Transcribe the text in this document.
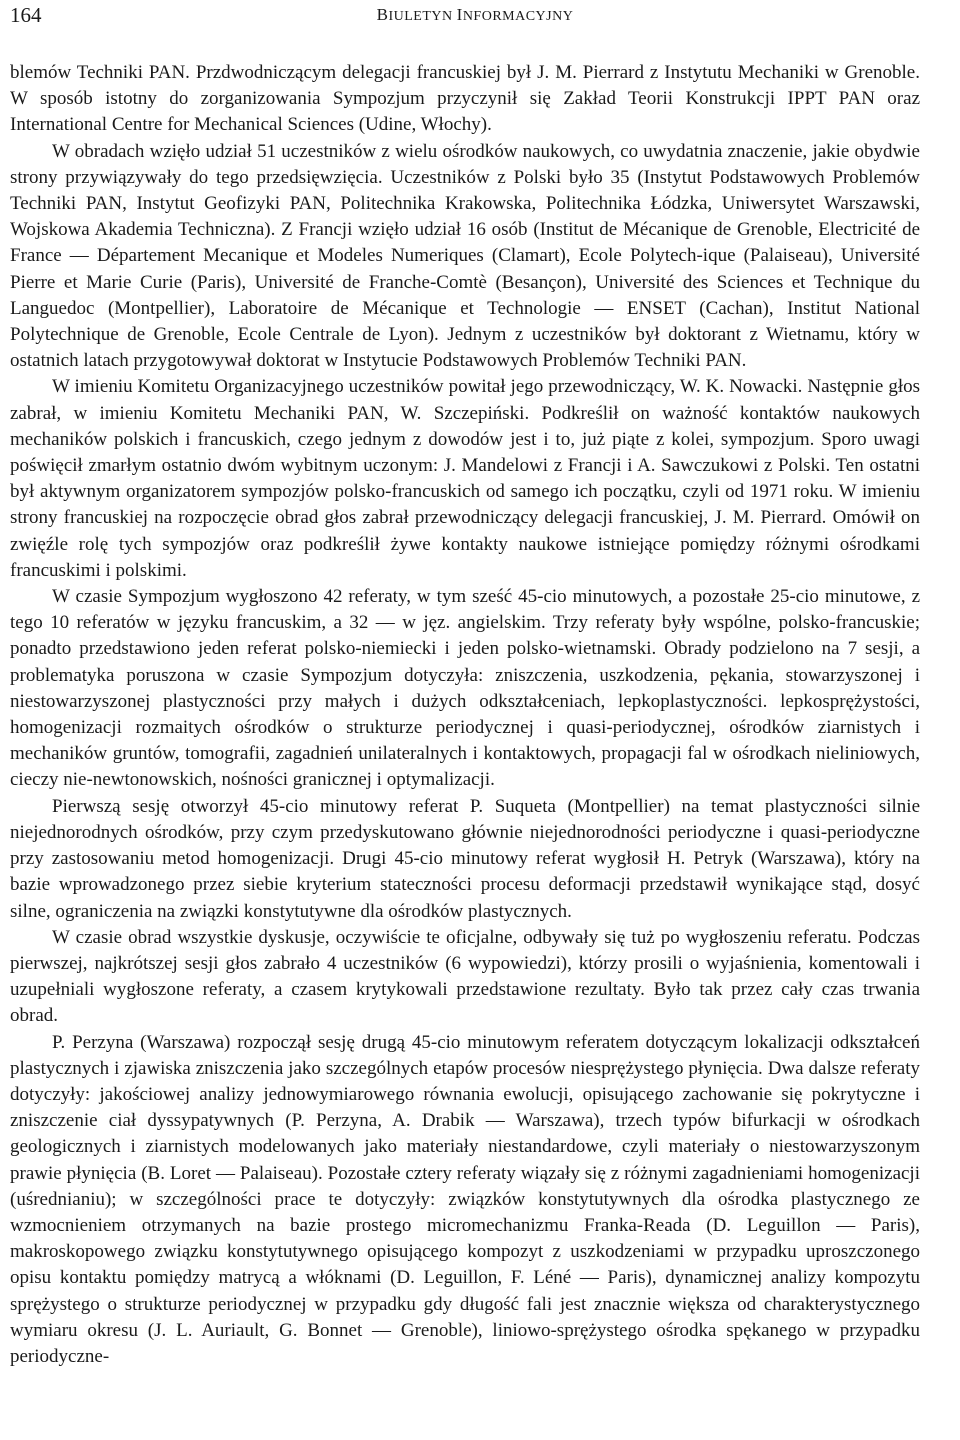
164	BIULETYN INFORMACYJNY

blemów Techniki PAN. Przdwodniczącym delegacji francuskiej był J. M. Pierrard z Instytutu Mechaniki w Grenoble. W sposób istotny do zorganizowania Sympozjum przyczynił się Zakład Teorii Konstrukcji IPPT PAN oraz International Centre for Mechanical Sciences (Udine, Włochy).

W obradach wzięło udział 51 uczestników z wielu ośrodków naukowych, co uwydatnia znaczenie, jakie obydwie strony przywiązywały do tego przedsięwzięcia. Uczestników z Polski było 35 (Instytut Podstawowych Problemów Techniki PAN, Instytut Geofizyki PAN, Politechnika Krakowska, Politechnika Łódzka, Uniwersytet Warszawski, Wojskowa Akademia Techniczna). Z Francji wzięło udział 16 osób (Institut de Mécanique de Grenoble, Electricité de France — Département Mecanique et Modeles Numeriques (Clamart), Ecole Polytech-ique (Palaiseau), Université Pierre et Marie Curie (Paris), Université de Franche-Comtè (Besançon), Université des Sciences et Technique du Languedoc (Montpellier), Laboratoire de Mécanique et Technologie — ENSET (Cachan), Institut National Polytechnique de Grenoble, Ecole Centrale de Lyon). Jednym z uczestników był doktorant z Wietnamu, który w ostatnich latach przygotowywał doktorat w Instytucie Podstawowych Problemów Techniki PAN.

W imieniu Komitetu Organizacyjnego uczestników powitał jego przewodniczący, W. K. Nowacki. Następnie głos zabrał, w imieniu Komitetu Mechaniki PAN, W. Szczepiński. Podkreślił on ważność kontaktów naukowych mechaników polskich i francuskich, czego jednym z dowodów jest i to, już piąte z kolei, sympozjum. Sporo uwagi poświęcił zmarłym ostatnio dwóm wybitnym uczonym: J. Mandelowi z Francji i A. Sawczukowi z Polski. Ten ostatni był aktywnym organizatorem sympozjów polsko-francuskich od samego ich początku, czyli od 1971 roku. W imieniu strony francuskiej na rozpoczęcie obrad głos zabrał przewodniczący delegacji francuskiej, J. M. Pierrard. Omówił on zwięźle rolę tych sympozjów oraz podkreślił żywe kontakty naukowe istniejące pomiędzy różnymi ośrodkami francuskimi i polskimi.

W czasie Sympozjum wygłoszono 42 referaty, w tym sześć 45-cio minutowych, a pozostałe 25-cio minutowe, z tego 10 referatów w języku francuskim, a 32 — w jęz. angielskim. Trzy referaty były wspólne, polsko-francuskie; ponadto przedstawiono jeden referat polsko-niemiecki i jeden polsko-wietnamski. Obrady podzielono na 7 sesji, a problematyka poruszona w czasie Sympozjum dotyczyła: zniszczenia, uszkodzenia, pękania, stowarzyszonej i niestowarzyszonej plastyczności przy małych i dużych odkształceniach, lepkoplastyczności. lepkosprężystości, homogenizacji rozmaitych ośrodków o strukturze periodycznej i quasi-periodycznej, ośrodków ziarnistych i mechaników gruntów, tomografii, zagadnień unilateralnych i kontaktowych, propagacji fal w ośrodkach nieliniowych, cieczy nie-newtonowskich, nośności granicznej i optymalizacji.

Pierwszą sesję otworzył 45-cio minutowy referat P. Suqueta (Montpellier) na temat plastyczności silnie niejednorodnych ośrodków, przy czym przedyskutowano głównie niejednorodności periodyczne i quasi-periodyczne przy zastosowaniu metod homogenizacji. Drugi 45-cio minutowy referat wygłosił H. Petryk (Warszawa), który na bazie wprowadzonego przez siebie kryterium stateczności procesu deformacji przedstawił wynikające stąd, dosyć silne, ograniczenia na związki konstytutywne dla ośrodków plastycznych.

W czasie obrad wszystkie dyskusje, oczywiście te oficjalne, odbywały się tuż po wygłoszeniu referatu. Podczas pierwszej, najkrótszej sesji głos zabrało 4 uczestników (6 wypowiedzi), którzy prosili o wyjaśnienia, komentowali i uzupełniali wygłoszone referaty, a czasem krytykowali przedstawione rezultaty. Było tak przez cały czas trwania obrad.

P. Perzyna (Warszawa) rozpoczął sesję drugą 45-cio minutowym referatem dotyczącym lokalizacji odkształceń plastycznych i zjawiska zniszczenia jako szczególnych etapów procesów niesprężystego płynięcia. Dwa dalsze referaty dotyczyły: jakościowej analizy jednowymiarowego równania ewolucji, opisującego zachowanie się pokrytyczne i zniszczenie ciał dyssypatywnych (P. Perzyna, A. Drabik — Warszawa), trzech typów bifurkacji w ośrodkach geologicznych i ziarnistych modelowanych jako materiały niestandardowe, czyli materiały o niestowarzyszonym prawie płynięcia (B. Loret — Palaiseau). Pozostałe cztery referaty wiązały się z różnymi zagadnieniami homogenizacji (uśrednianiu); w szczególności prace te dotyczyły: związków konstytutywnych dla ośrodka plastycznego ze wzmocnieniem otrzymanych na bazie prostego micromechanizmu Franka-Reada (D. Leguillon — Paris), makroskopowego związku konstytutywnego opisującego kompozyt z uszkodzeniami w przypadku uproszczonego opisu kontaktu pomiędzy matrycą a włóknami (D. Leguillon, F. Léné — Paris), dynamicznej analizy kompozytu sprężystego o strukturze periodycznej w przypadku gdy długość fali jest znacznie większa od charakterystycznego wymiaru okresu (J. L. Auriault, G. Bonnet — Grenoble), liniowo-sprężystego ośrodka spękanego w przypadku periodyczne-
